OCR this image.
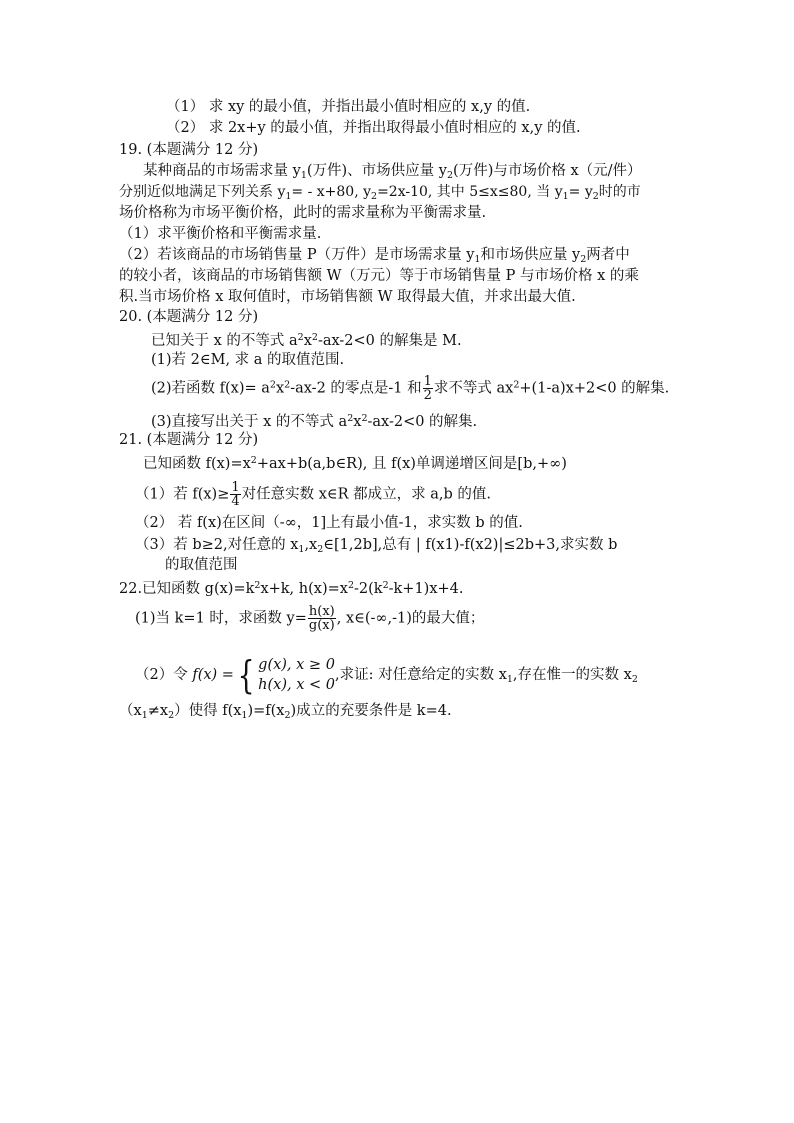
（1） 求 xy 的最小值，并指出最小值时相应的 x,y 的值.
（2） 求 2x+y 的最小值，并指出取得最小值时相应的 x,y 的值.
19. (本题满分 12 分)
某种商品的市场需求量 $y_1$(万件)、市场供应量 $y_2$(万件)与市场价格 x（元/件）
分别近似地满足下列关系 $y_1= - x+80$, $y_2=2x-10$, 其中 5≤x≤80, 当 $y_1= y_2$时的市
场价格称为市场平衡价格，此时的需求量称为平衡需求量.
（1）求平衡价格和平衡需求量.
（2）若该商品的市场销售量 P（万件）是市场需求量 $y_1$和市场供应量 $y_2$两者中
的较小者，该商品的市场销售额 W（万元）等于市场销售量 P 与市场价格 x 的乘
积.当市场价格 x 取何值时，市场销售额 W 取得最大值，并求出最大值.
20. (本题满分 12 分)
已知关于 x 的不等式 $a^2x^2-ax-2<0$ 的解集是 M.
(1)若 2∈M, 求 a 的取值范围.
(2)若函数 $f(x)= a^2x^2-ax-2$ 的零点是-1 和 $\frac{1}{2}$ 求不等式 $ax^2+(1-a)x+2<0$ 的解集.
(3)直接写出关于 x 的不等式 $a^2x^2-ax-2<0$ 的解集.
21. (本题满分 12 分)
已知函数 $f(x)=x^2+ax+b(a,b\in R)$, 且 f(x)单调递增区间是[b,+∞)
（1）若 $f(x)\ge \frac{1}{4}$ 对任意实数 x∈R 都成立，求 a,b 的值.
（2） 若 f(x)在区间（-∞，1]上有最小值-1，求实数 b 的值.
（3）若 b≥2,对任意的 $x_1,x_2\in[1,2b]$,总有 | f(x1)-f(x2)|≤2b+3,求实数 b
的取值范围
22.已知函数 $g(x)=k^2x+k$, $h(x)=x^2-2(k^2-k+1)x+4$.
(1)当 k=1 时，求函数 $y= \frac{h(x)}{g(x)}$ , x∈(-∞,-1)的最大值；
（2）令 f(x) ={ g(x), x ≥ 0
h(x), x < 0
,求证: 对任意给定的实数 $x_1$,存在惟一的实数 $x_2$
$(x_1\ne x_2)$使得 $f(x_1)=f(x_2)$成立的充要条件是 k=4.
